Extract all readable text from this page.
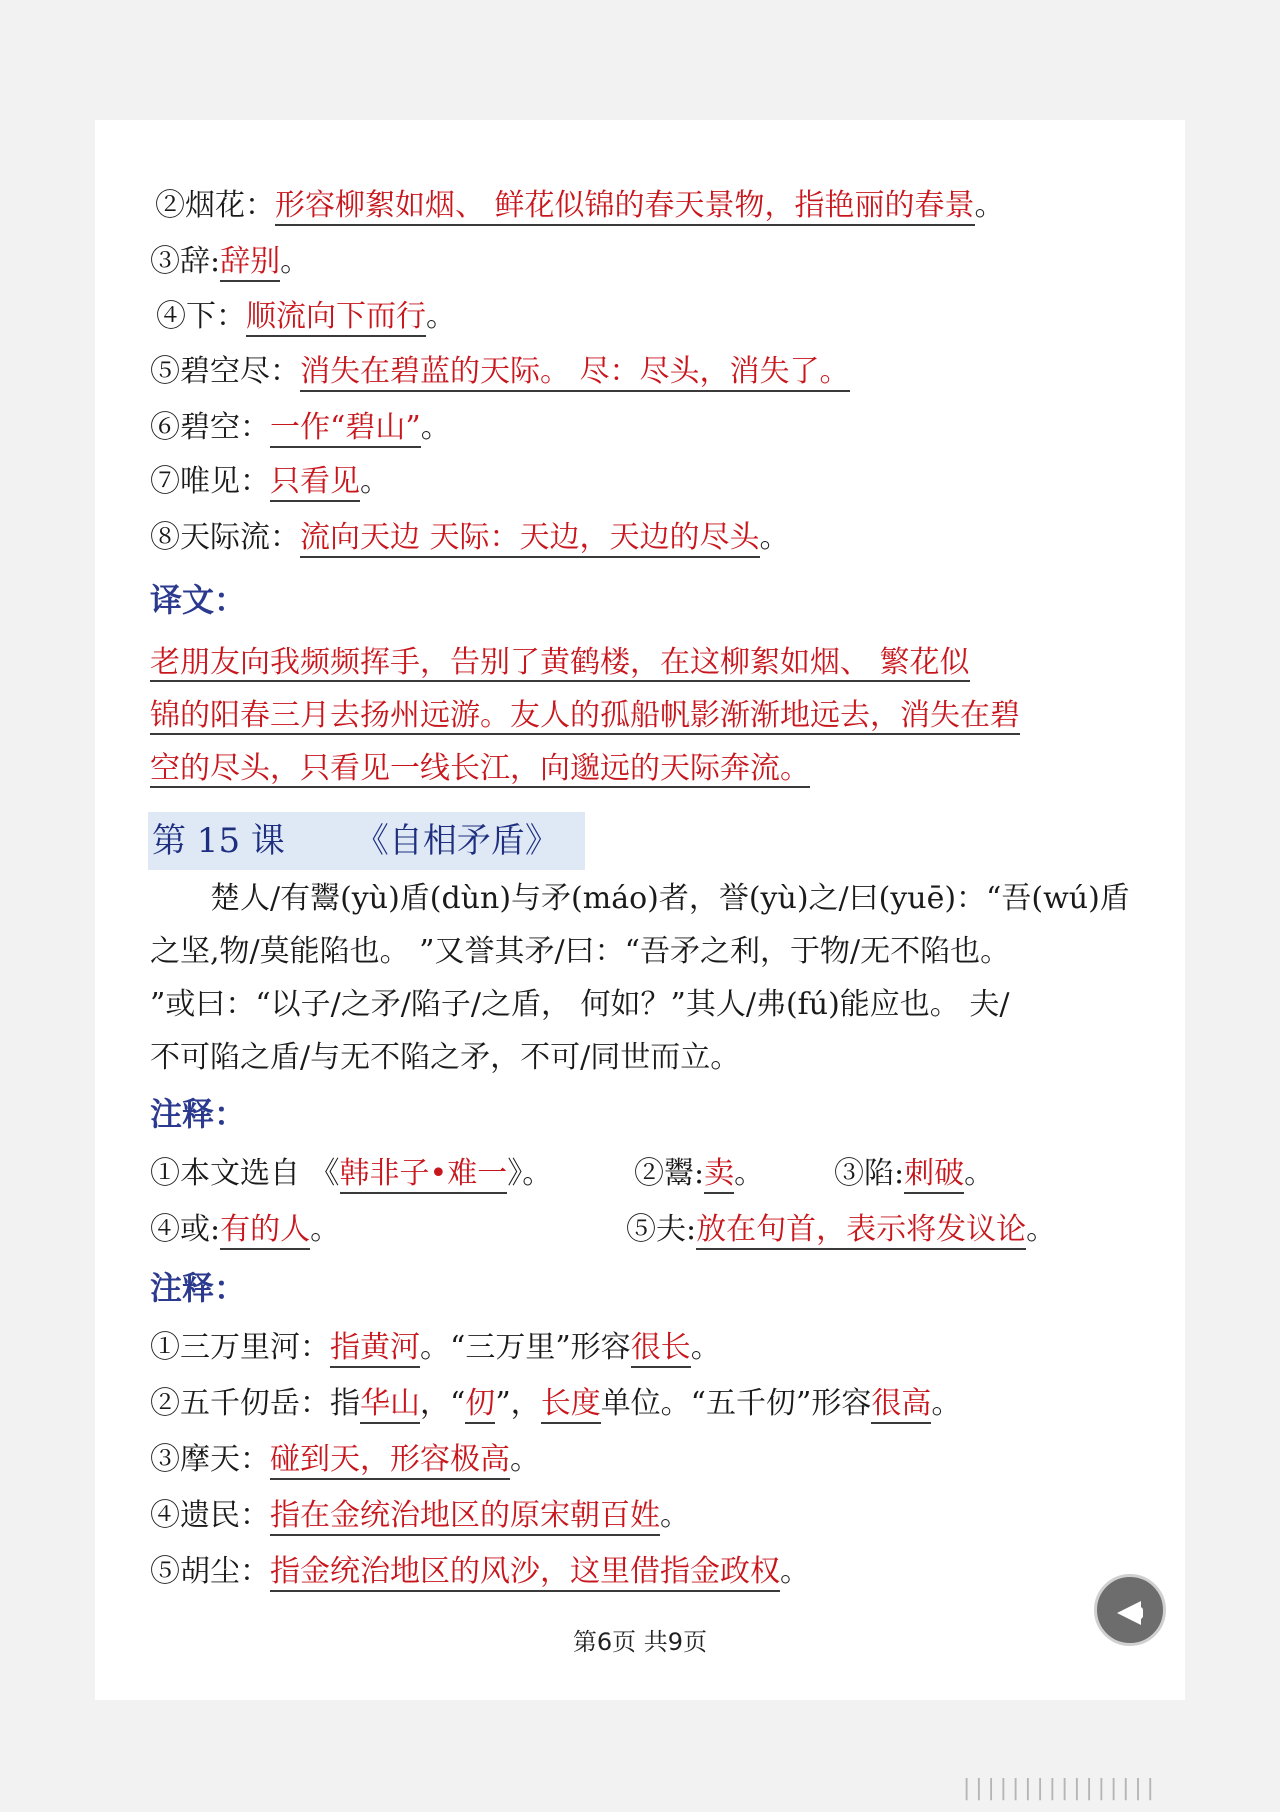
②烟花：形容柳絮如烟、 鲜花似锦的春天景物，指艳丽的春景。
③辞:辞别。
④下：顺流向下而行。
⑤碧空尽：消失在碧蓝的天际。 尽：尽头，消失了。
⑥碧空：一作“碧山”。
⑦唯见：只看见。
⑧天际流：流向天边 天际：天边，天边的尽头。
译文：
老朋友向我频频挥手，告别了黄鹤楼，在这柳絮如烟、 繁花似
锦的阳春三月去扬州远游。友人的孤船帆影渐渐地远去，消失在碧
空的尽头，只看见一线长江，向邈远的天际奔流。
第 15 课 《自相矛盾》
　　楚人/有鬻(yù)盾(dùn)与矛(máo)者，誉(yù)之/曰(yuē)：“吾(wú)盾
之坚,物/莫能陷也。 ”又誉其矛/曰：“吾矛之利，于物/无不陷也。
”或曰：“以子/之矛/陷子/之盾， 何如？”其人/弗(fú)能应也。 夫/
不可陷之盾/与无不陷之矛，不可/同世而立。
注释：
①本文选自 《韩非子•难一》。	②鬻:卖。 ③陷:刺破。
④或:有的人。	⑤夫:放在句首，表示将发议论。
注释：
①三万里河：指黄河。“三万里”形容很长。
②五千仞岳：指华山，“仞”，长度单位。“五千仞”形容很高。
③摩天：碰到天，形容极高。
④遗民：指在金统治地区的原宋朝百姓。
⑤胡尘：指金统治地区的风沙，这里借指金政权。
第6页 共9页
||||||||||||||||
